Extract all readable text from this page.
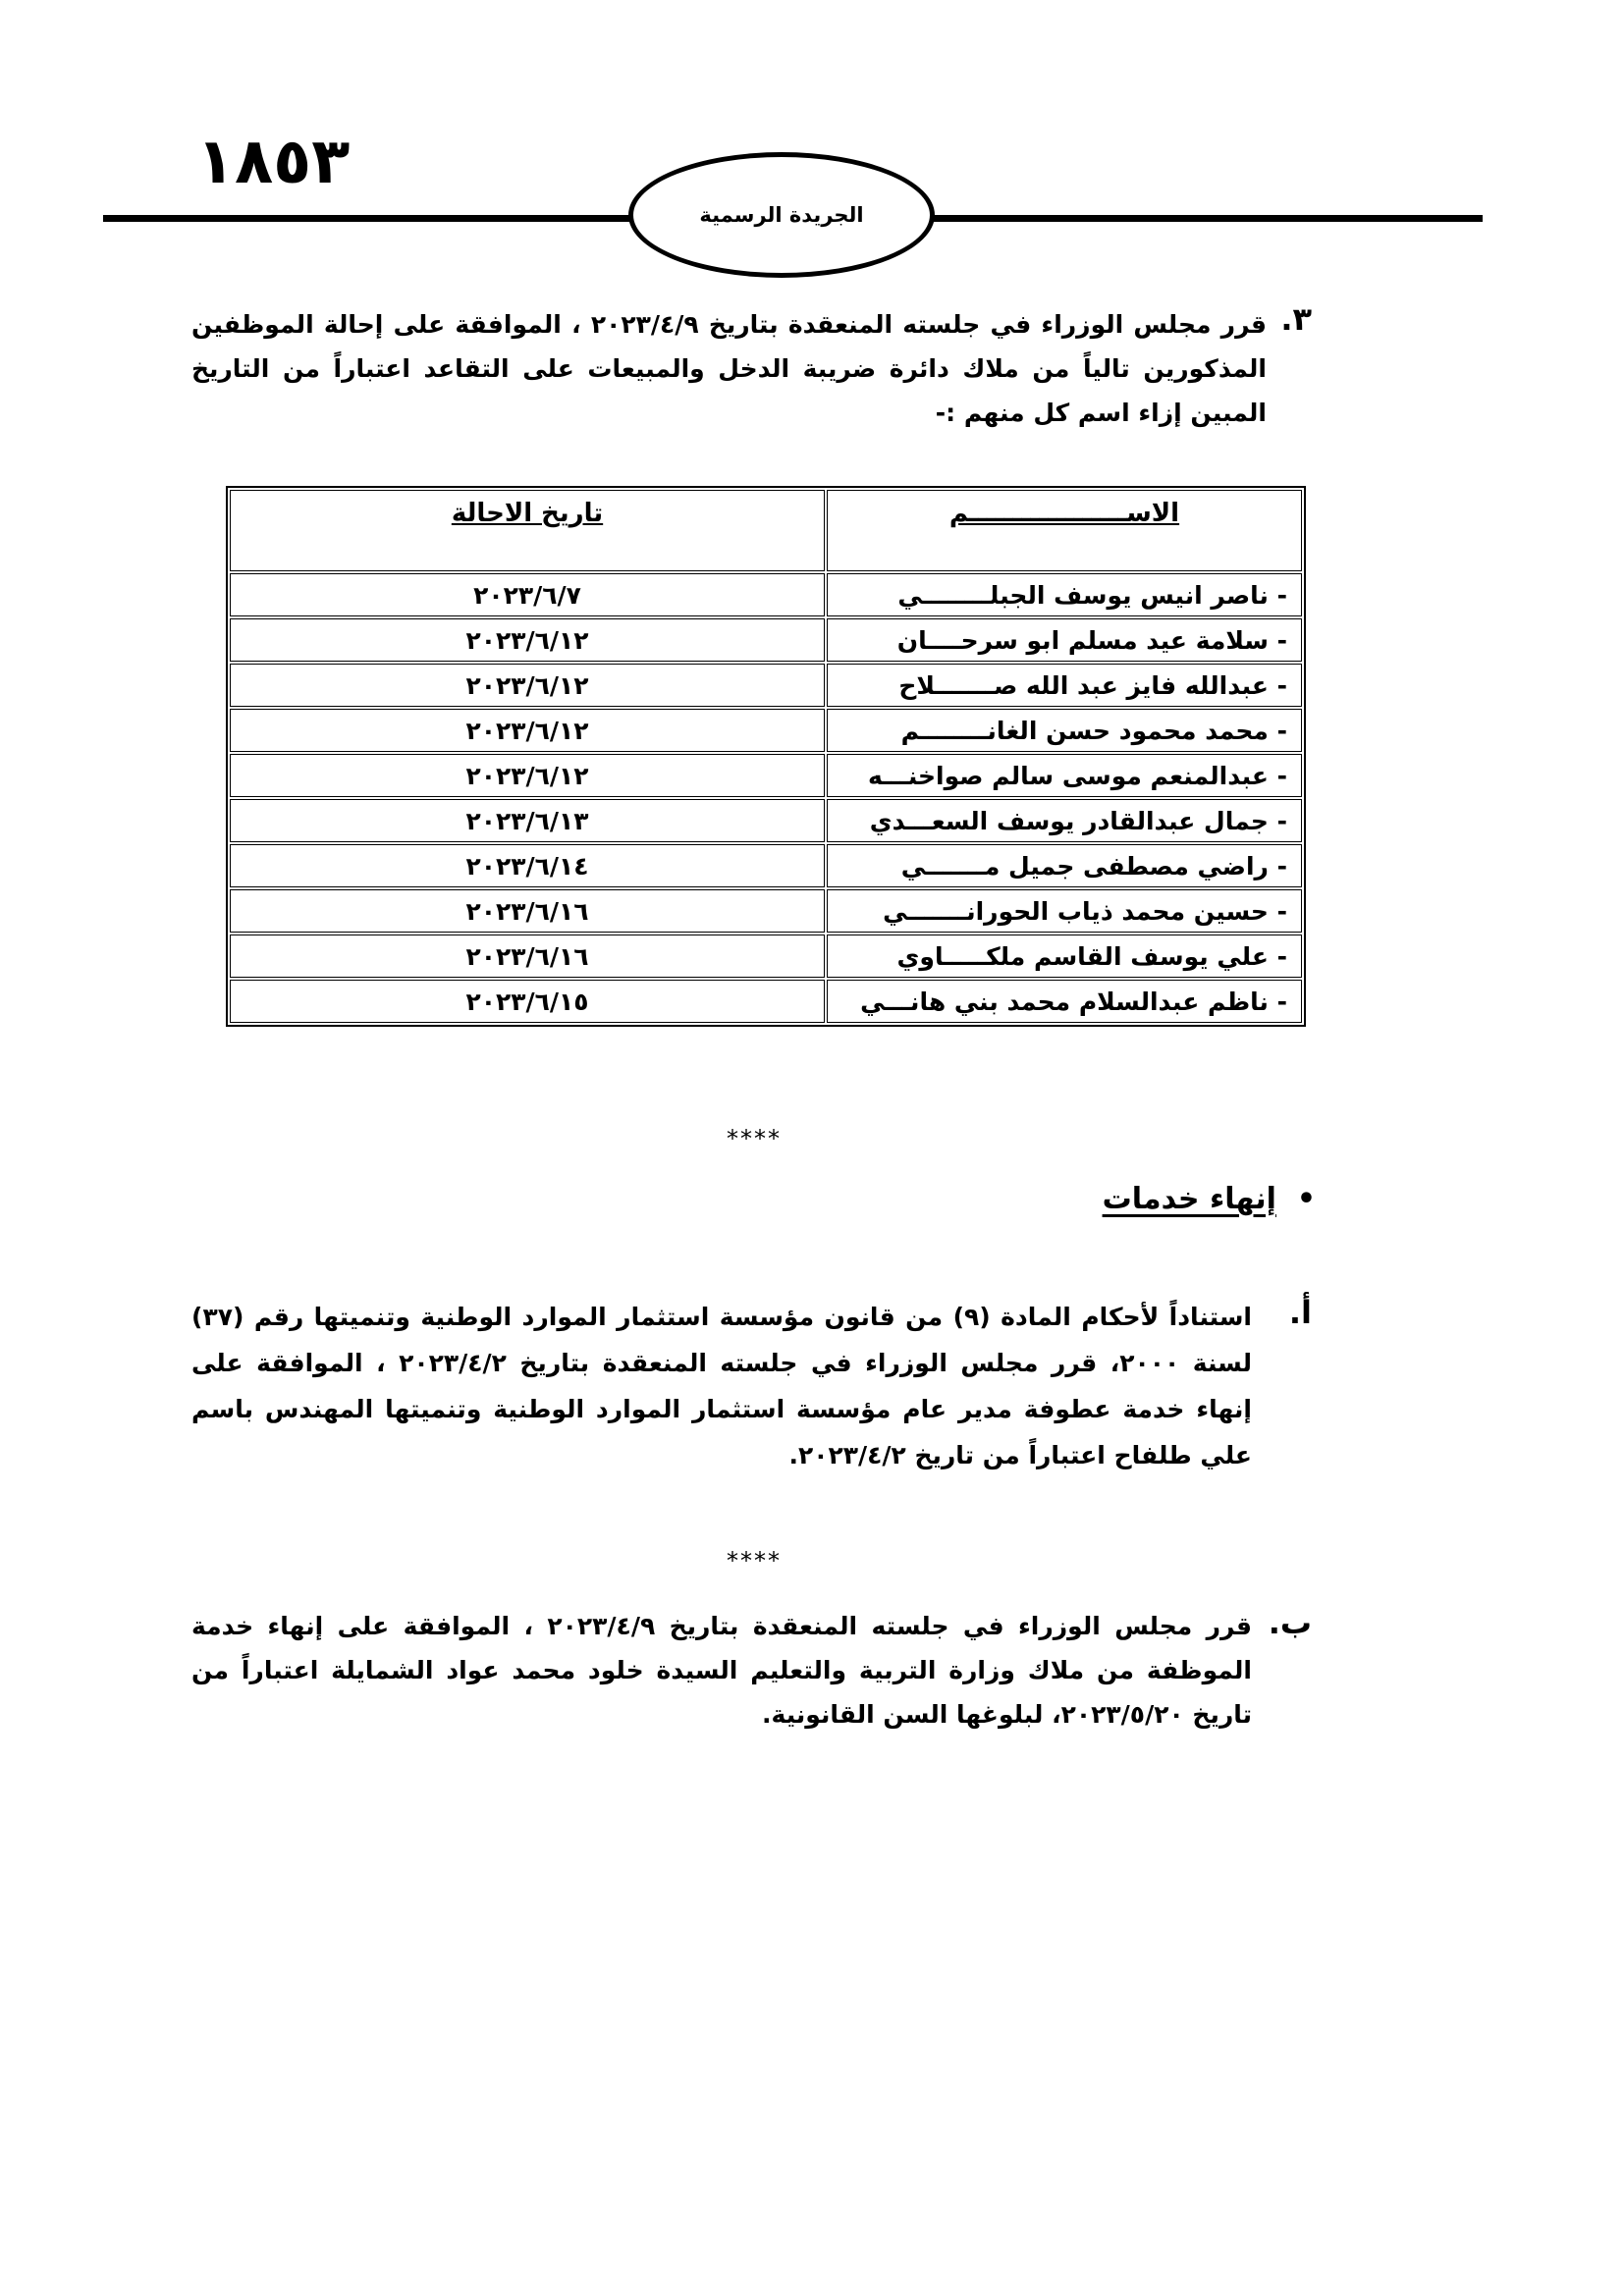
١٨٥٣
الجريدة الرسمية
٣.
قرر مجلس الوزراء في جلسته المنعقدة بتاريخ ٢٠٢٣/٤/٩ ، الموافقة على إحالة الموظفين المذكورين تالياً من ملاك دائرة ضريبة الدخل والمبيعات على التقاعد اعتباراً من التاريخ المبين إزاء اسم كل منهم :-
الاســــــــــــــــــم	تاريخ الاحالة
- ناصر انيس يوسف الجبلــــــــي	٢٠٢٣/٦/٧
- سلامة عيد مسلم ابو سرحــــان	٢٠٢٣/٦/١٢
- عبدالله فايز عبد الله صـــــــلاح	٢٠٢٣/٦/١٢
- محمد محمود حسن الغانــــــــم	٢٠٢٣/٦/١٢
- عبدالمنعم موسى سالم صواخنـــه	٢٠٢٣/٦/١٢
- جمال عبدالقادر يوسف السعـــدي	٢٠٢٣/٦/١٣
- راضي مصطفى جميل مـــــــي	٢٠٢٣/٦/١٤
- حسين محمد ذياب الحورانـــــــي	٢٠٢٣/٦/١٦
- علي يوسف القاسم ملكـــــاوي	٢٠٢٣/٦/١٦
- ناظم عبدالسلام محمد بني هانـــي	٢٠٢٣/٦/١٥
****
•  إنهاء خدمات
أ.
استناداً لأحكام المادة (٩) من قانون مؤسسة استثمار الموارد الوطنية وتنميتها رقم (٣٧) لسنة ٢٠٠٠، قرر مجلس الوزراء في جلسته المنعقدة بتاريخ ٢٠٢٣/٤/٢ ، الموافقة على إنهاء خدمة عطوفة مدير عام مؤسسة استثمار الموارد الوطنية وتنميتها المهندس باسم علي طلفاح اعتباراً من تاريخ ٢٠٢٣/٤/٢.
****
ب.
قرر مجلس الوزراء في جلسته المنعقدة بتاريخ ٢٠٢٣/٤/٩ ، الموافقة على إنهاء خدمة الموظفة من ملاك وزارة التربية والتعليم السيدة خلود محمد عواد الشمايلة اعتباراً من تاريخ ٢٠٢٣/٥/٢٠، لبلوغها السن القانونية.
